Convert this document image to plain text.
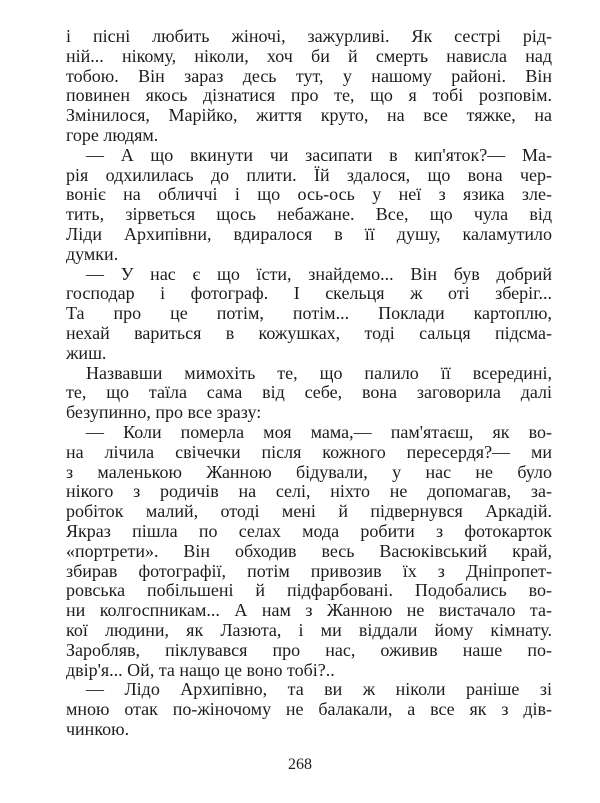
і пісні любить жіночі, зажурливі. Як сестрі рід-
ній... нікому, ніколи, хоч би й смерть нависла над
тобою. Він зараз десь тут, у нашому районі. Він
повинен якось дізнатися про те, що я тобі розповім.
Змінилося, Марійко, життя круто, на все тяжке, на
горе людям.
— А що вкинути чи засипати в кип'яток?— Ма-
рія одхилилась до плити. Їй здалося, що вона чер-
воніє на обличчі і що ось-ось у неї з язика зле-
тить, зірветься щось небажане. Все, що чула від
Ліди Архипівни, вдиралося в її душу, каламутило
думки.
— У нас є що їсти, знайдемо... Він був добрий
господар і фотограф. І скельця ж оті зберіг...
Та про це потім, потім... Поклади картоплю,
нехай вариться в кожушках, тоді сальця підсма-
жиш.
Назвавши мимохіть те, що палило її всередині,
те, що таїла сама від себе, вона заговорила далі
безупинно, про все зразу:
— Коли померла моя мама,— пам'ятаєш, як во-
на лічила свічечки після кожного пересердя?— ми
з маленькою Жанною бідували, у нас не було
нікого з родичів на селі, ніхто не допомагав, за-
робіток малий, отоді мені й підвернувся Аркадій.
Якраз пішла по селах мода робити з фотокарток
«портрети». Він обходив весь Васюківський край,
збирав фотографії, потім привозив їх з Дніпропет-
ровська побільшені й підфарбовані. Подобались во-
ни колгоспникам... А нам з Жанною не вистачало та-
кої людини, як Лазюта, і ми віддали йому кімнату.
Заробляв, піклувався про нас, оживив наше по-
двір'я... Ой, та нащо це воно тобі?..
— Лідо Архипівно, та ви ж ніколи раніше зі
мною отак по-жіночому не балакали, а все як з дів-
чинкою.
268
